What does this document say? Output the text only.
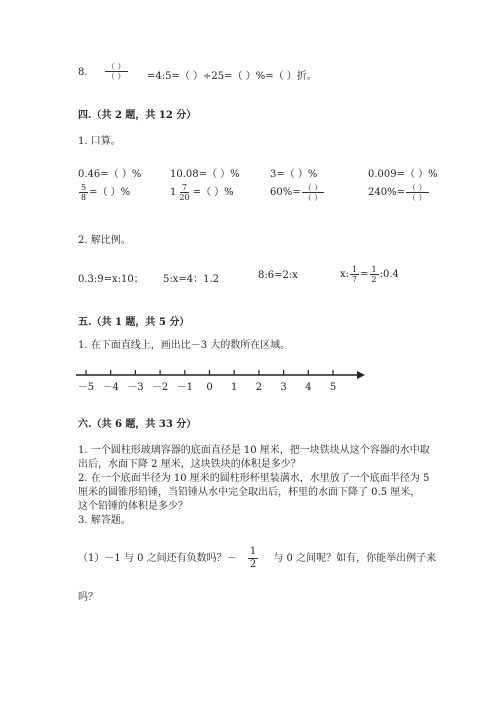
8. $\frac{( )}{( )}$ =4:5=（ ）÷25=（ ）%=（ ）折。
四.（共 2 题，共 12 分）
1. 口算。
0.46=（ ）%	10.08=（ ）%	3=（ ）%	0.009=（ ）%
$\frac{5}{8}$ =（ ）%	$1 \frac{7}{20}$ =（ ）%	$60\%= \frac{( )}{( )}$	$240\%= \frac{( )}{( )}$
2. 解比例。
0.3:9=x:10； 5:x=4：1.2	8:6=2:x	x: $\frac{1}{7} = \frac{1}{2}$ :0.4
五.（共 1 题，共 5 分）
1. 在下面直线上，画出比－3 大的数所在区域。
－5 －4 －3 －2 －1 0 1 2 3 4 5
六.（共 6 题，共 33 分）
1. 一个圆柱形玻璃容器的底面直径是 10 厘米，把一块铁块从这个容器的水中取
出后，水面下降 2 厘米，这块铁块的体积是多少？
2. 在一个底面半径为 10 厘米的圆柱形杯里装满水，水里放了一个底面半径为 5
厘米的圆锥形铅锤，当铅锤从水中完全取出后，杯里的水面下降了 0.5 厘米，
这个铅锤的体积是多少？
3. 解答题。
（1）－1 与 0 之间还有负数吗？－ $\frac{1}{2}$ 与 0 之间呢？如有，你能举出例子来
吗？
